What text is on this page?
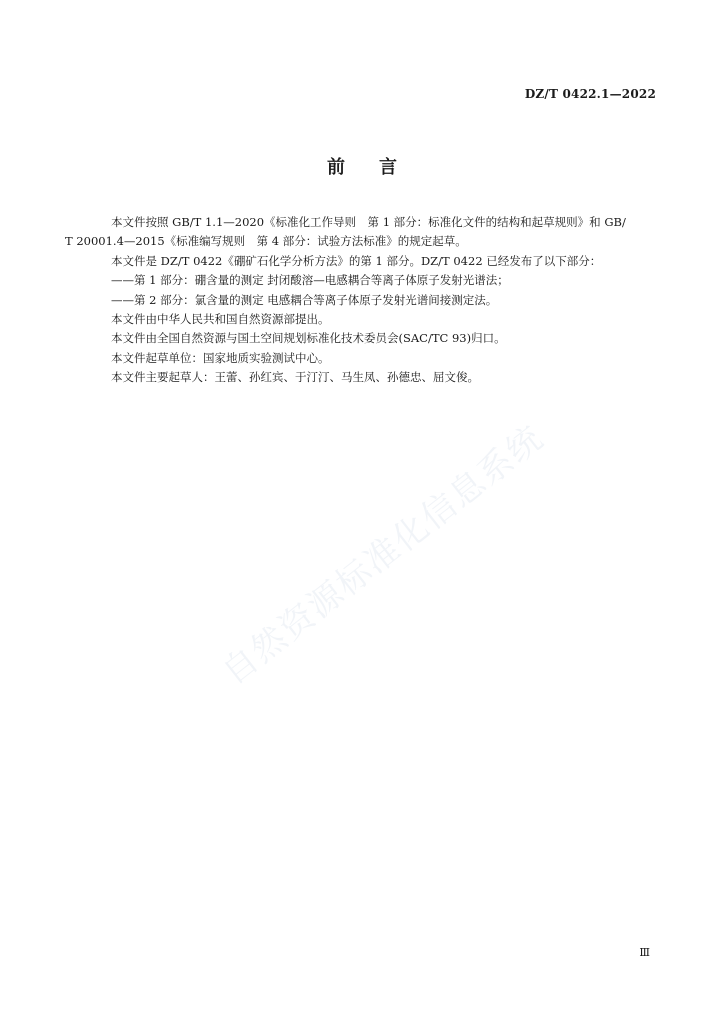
DZ/T 0422.1—2022
前言

本文件按照 GB/T 1.1—2020《标准化工作导则　第 1 部分：标准化文件的结构和起草规则》和 GB/
T 20001.4—2015《标准编写规则　第 4 部分：试验方法标准》的规定起草。

本文件是 DZ/T 0422《硼矿石化学分析方法》的第 1 部分。DZ/T 0422 已经发布了以下部分：

——第 1 部分：硼含量的测定 封闭酸溶—电感耦合等离子体原子发射光谱法；

——第 2 部分：氯含量的测定 电感耦合等离子体原子发射光谱间接测定法。

本文件由中华人民共和国自然资源部提出。

本文件由全国自然资源与国土空间规划标准化技术委员会(SAC/TC 93)归口。

本文件起草单位：国家地质实验测试中心。

本文件主要起草人：王蕾、孙红宾、于汀汀、马生凤、孙德忠、屈文俊。

自然资源标准化信息系统
Ⅲ
